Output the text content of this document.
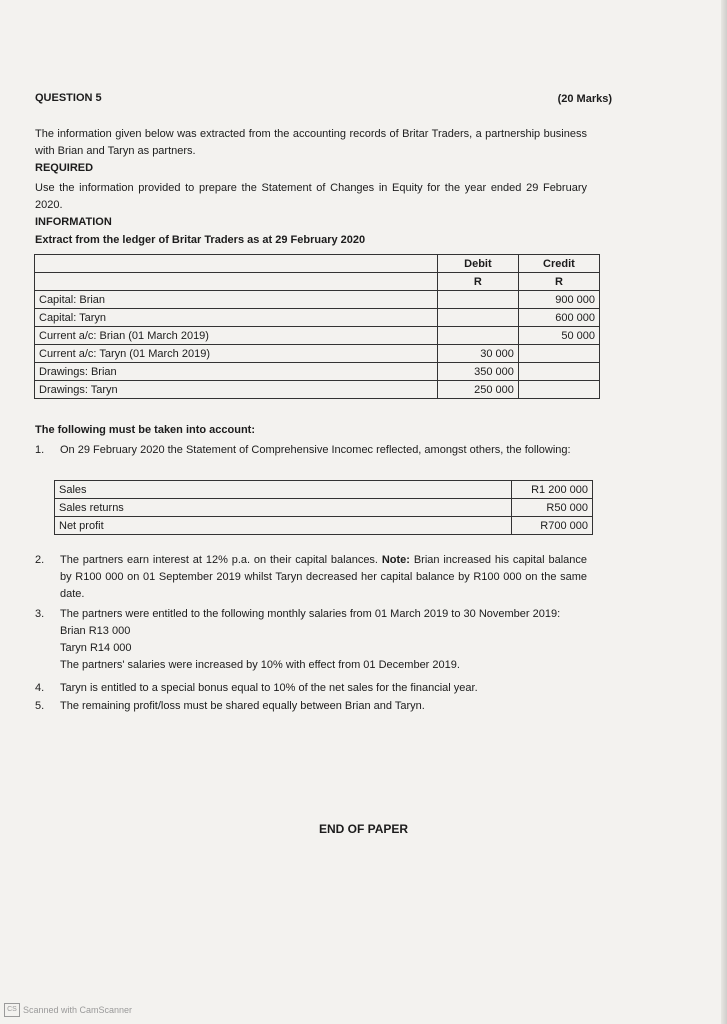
QUESTION 5	(20 Marks)
The information given below was extracted from the accounting records of Britar Traders, a partnership business with Brian and Taryn as partners.
REQUIRED
Use the information provided to prepare the Statement of Changes in Equity for the year ended 29 February 2020.
INFORMATION
Extract from the ledger of Britar Traders as at 29 February 2020
	Debit	Credit
	R	R
Capital: Brian		900 000
Capital: Taryn		600 000
Current a/c: Brian (01 March 2019)		50 000
Current a/c: Taryn (01 March 2019)	30 000	
Drawings: Brian	350 000	
Drawings: Taryn	250 000	
The following must be taken into account:
1.	On 29 February 2020 the Statement of Comprehensive Incomec reflected, amongst others, the following:
Sales	R1 200 000
Sales returns	R50 000
Net profit	R700 000
2.	The partners earn interest at 12% p.a. on their capital balances. Note: Brian increased his capital balance by R100 000 on 01 September 2019 whilst Taryn decreased her capital balance by R100 000 on the same date.
3.	The partners were entitled to the following monthly salaries from 01 March 2019 to 30 November 2019:
Brian R13 000
Taryn R14 000
The partners' salaries were increased by 10% with effect from 01 December 2019.
4.	Taryn is entitled to a special bonus equal to 10% of the net sales for the financial year.
5.	The remaining profit/loss must be shared equally between Brian and Taryn.
END OF PAPER
CS Scanned with CamScanner
